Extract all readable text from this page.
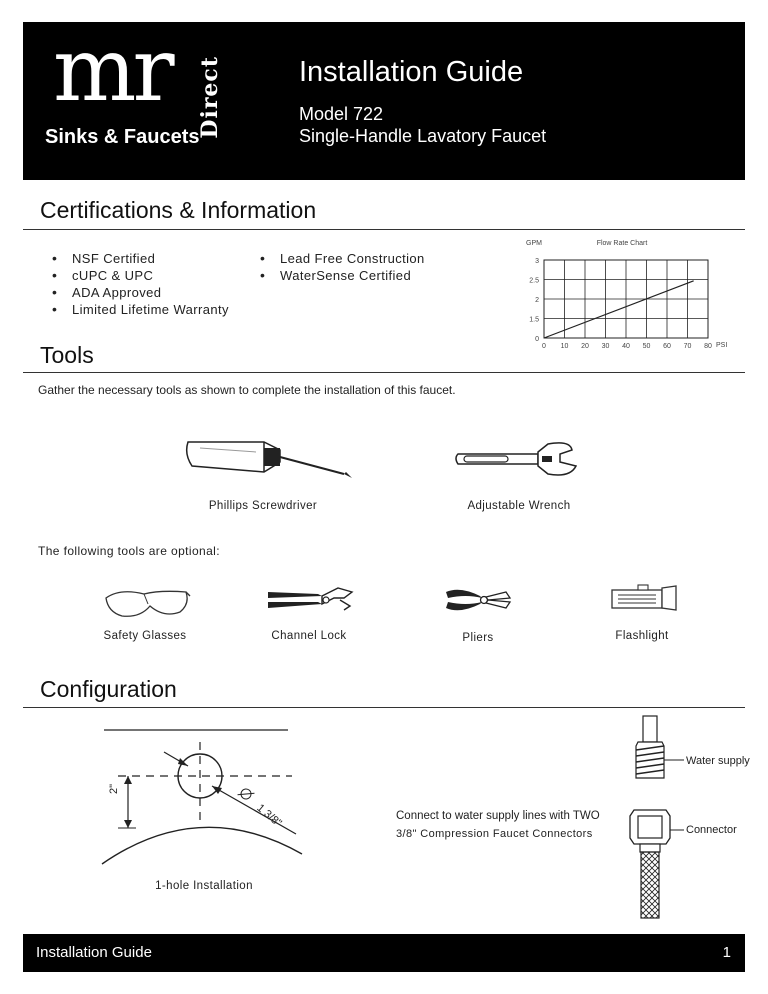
mr Direct
Sinks & Faucets
Installation Guide
Model 722
Single-Handle Lavatory Faucet
Certifications & Information
• NSF Certified
• cUPC & UPC
• ADA Approved
• Limited Lifetime Warranty
• Lead Free Construction
• WaterSense Certified
0 10 20 30 40 50 60 70 80
0
1.5
2
2.5
3
GPM	Flow Rate Chart
PSI
Tools
Gather the necessary tools as shown to complete the installation of this faucet.
Phillips Screwdriver	Adjustable Wrench
The following tools are optional:
Safety Glasses	Channel Lock	Pliers	Flashlight
Configuration
2"
1 3/8"
1-hole Installation
Connect to water supply lines with TWO
3/8" Compression Faucet Connectors
Water supply
Connector
Installation Guide	1
